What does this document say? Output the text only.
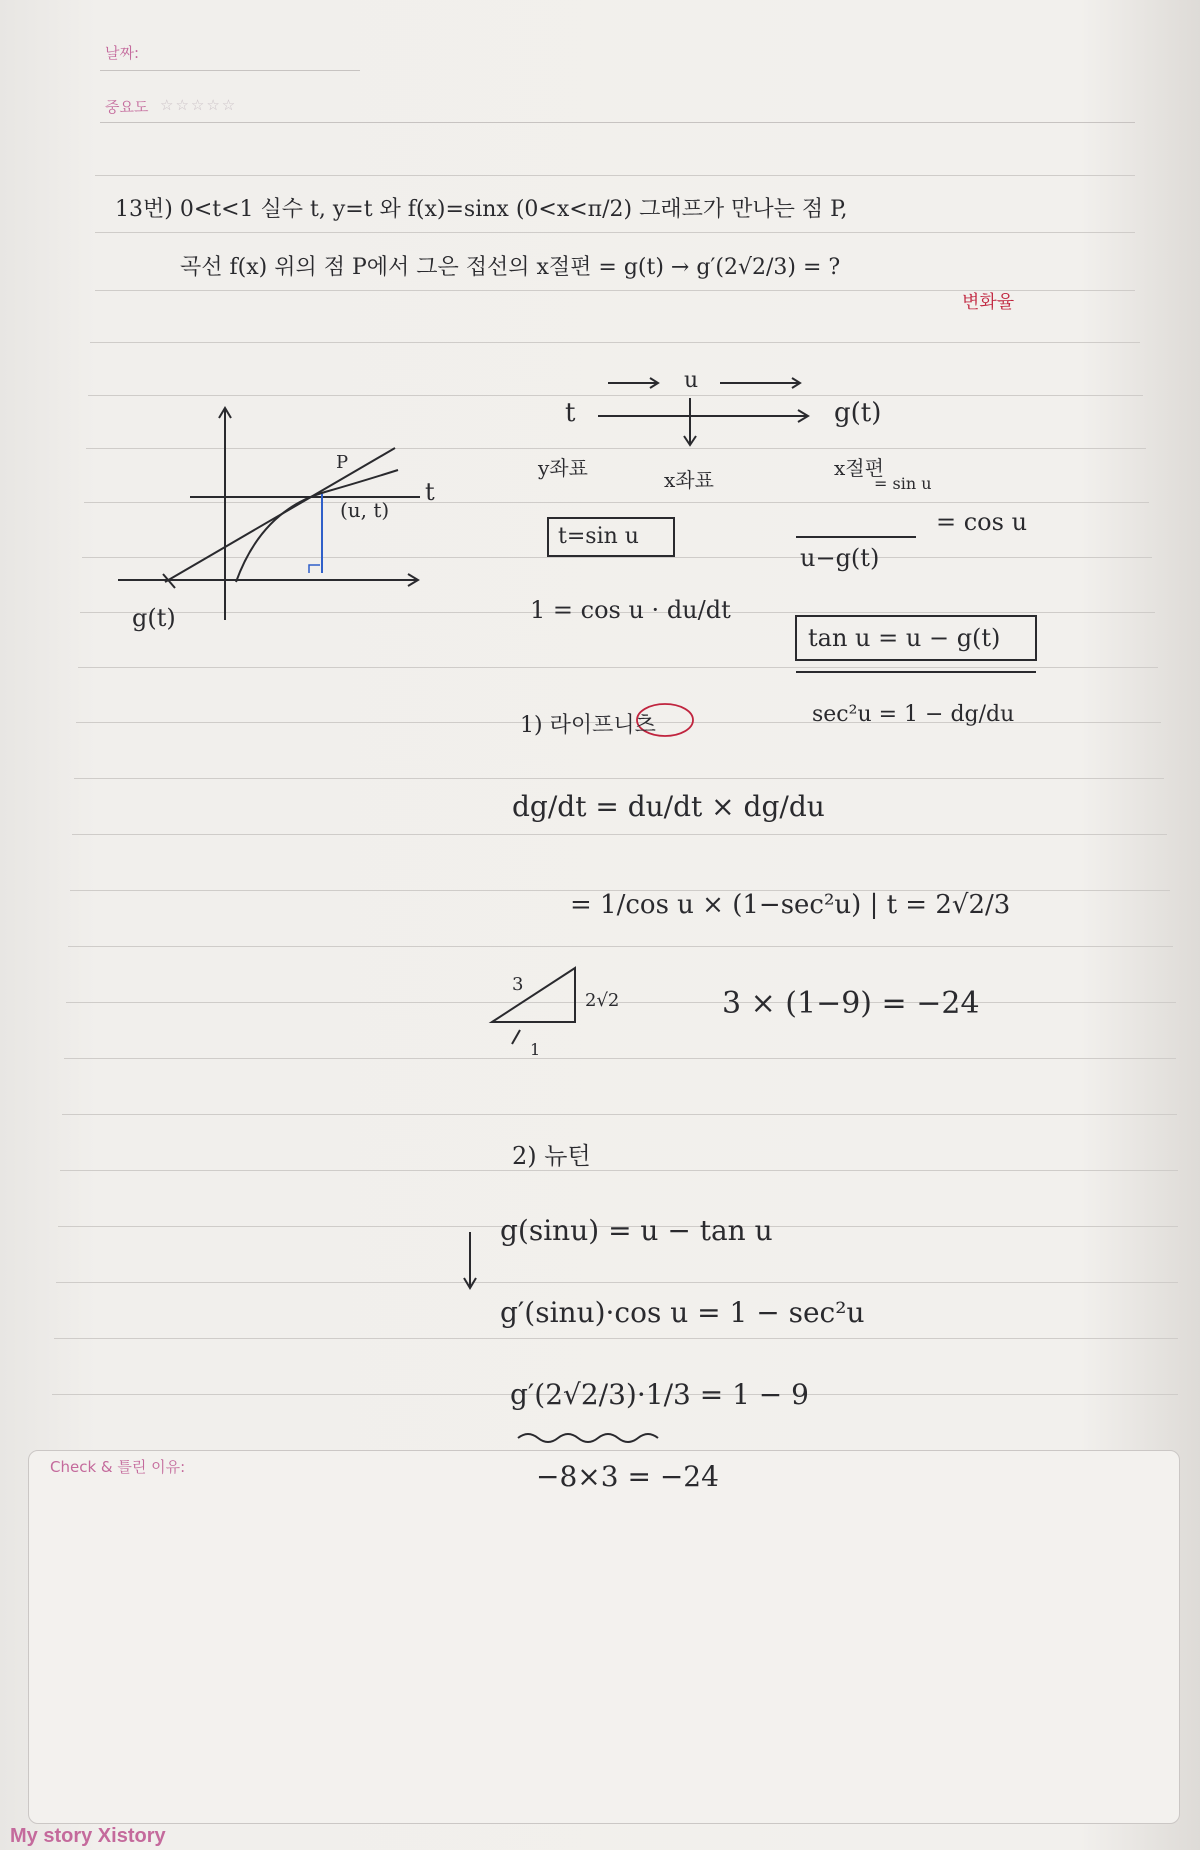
날짜:
중요도 ☆☆☆☆☆
13번) 0<t<1 실수 t, y=t 와 f(x)=sinx (0<x<π/2) 그래프가 만나는 점 P,
곡선 f(x) 위의 점 P에서 그은 접선의 x절편 = g(t) → g′(2√2/3) = ?
변화율
P
(u, t)
t
g(t)
t
u
g(t)
y좌표	x좌표	x절편
= sin u
t=sin u
u−g(t)
= cos u
1 = cos u · du/dt
tan u = u − g(t)
sec²u = 1 − dg/du
1) 라이프니츠
dg/dt = du/dt × dg/du
= 1/cos u × (1−sec²u) | t = 2√2/3
3
2√2
1
3 × (1−9) = −24
2) 뉴턴
g(sinu) = u − tan u
g′(sinu)·cos u = 1 − sec²u
g′(2√2/3)·1/3 = 1 − 9
Check & 틀린 이유:	−8×3 = −24
My story Xistory
